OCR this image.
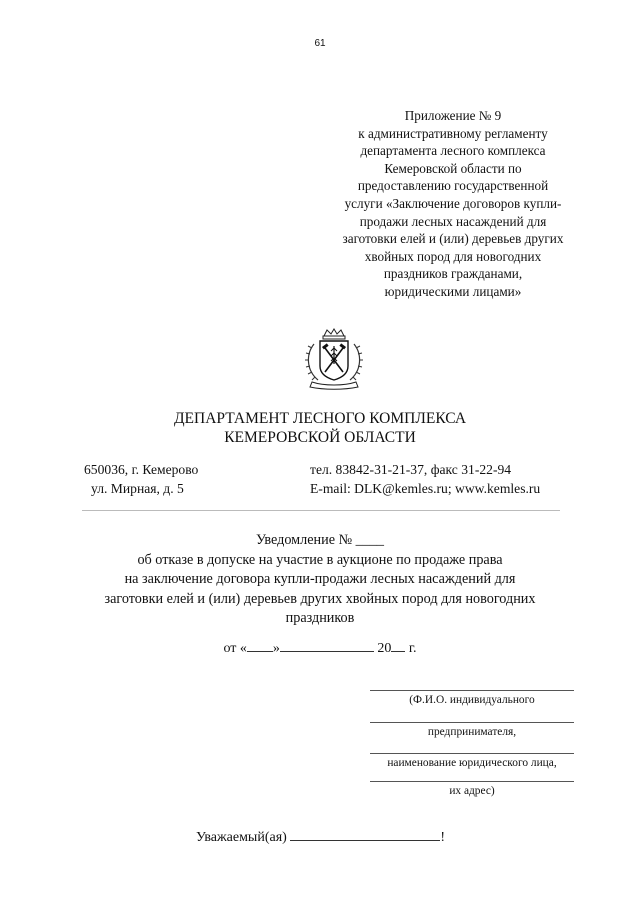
61
Приложение № 9
к административному регламенту
департамента лесного комплекса
Кемеровской области по
предоставлению государственной
услуги «Заключение договоров купли-
продажи лесных насаждений для
заготовки елей и (или) деревьев других
хвойных пород для новогодних
праздников гражданами,
юридическими лицами»
ДЕПАРТАМЕНТ ЛЕСНОГО КОМПЛЕКСА
КЕМЕРОВСКОЙ ОБЛАСТИ
650036, г. Кемерово
ул. Мирная, д. 5
тел. 83842-31-21-37, факс 31-22-94
E-mail: DLK@kemles.ru; www.kemles.ru
Уведомление № ____
об отказе в допуске на участие в аукционе по продаже права
на заключение договора купли-продажи лесных насаждений для
заготовки елей и (или) деревьев других хвойных пород для новогодних
праздников
от « »	20 г.
(Ф.И.О. индивидуального
предпринимателя,
наименование юридического лица,
их адрес)
Уважаемый(ая)	!
